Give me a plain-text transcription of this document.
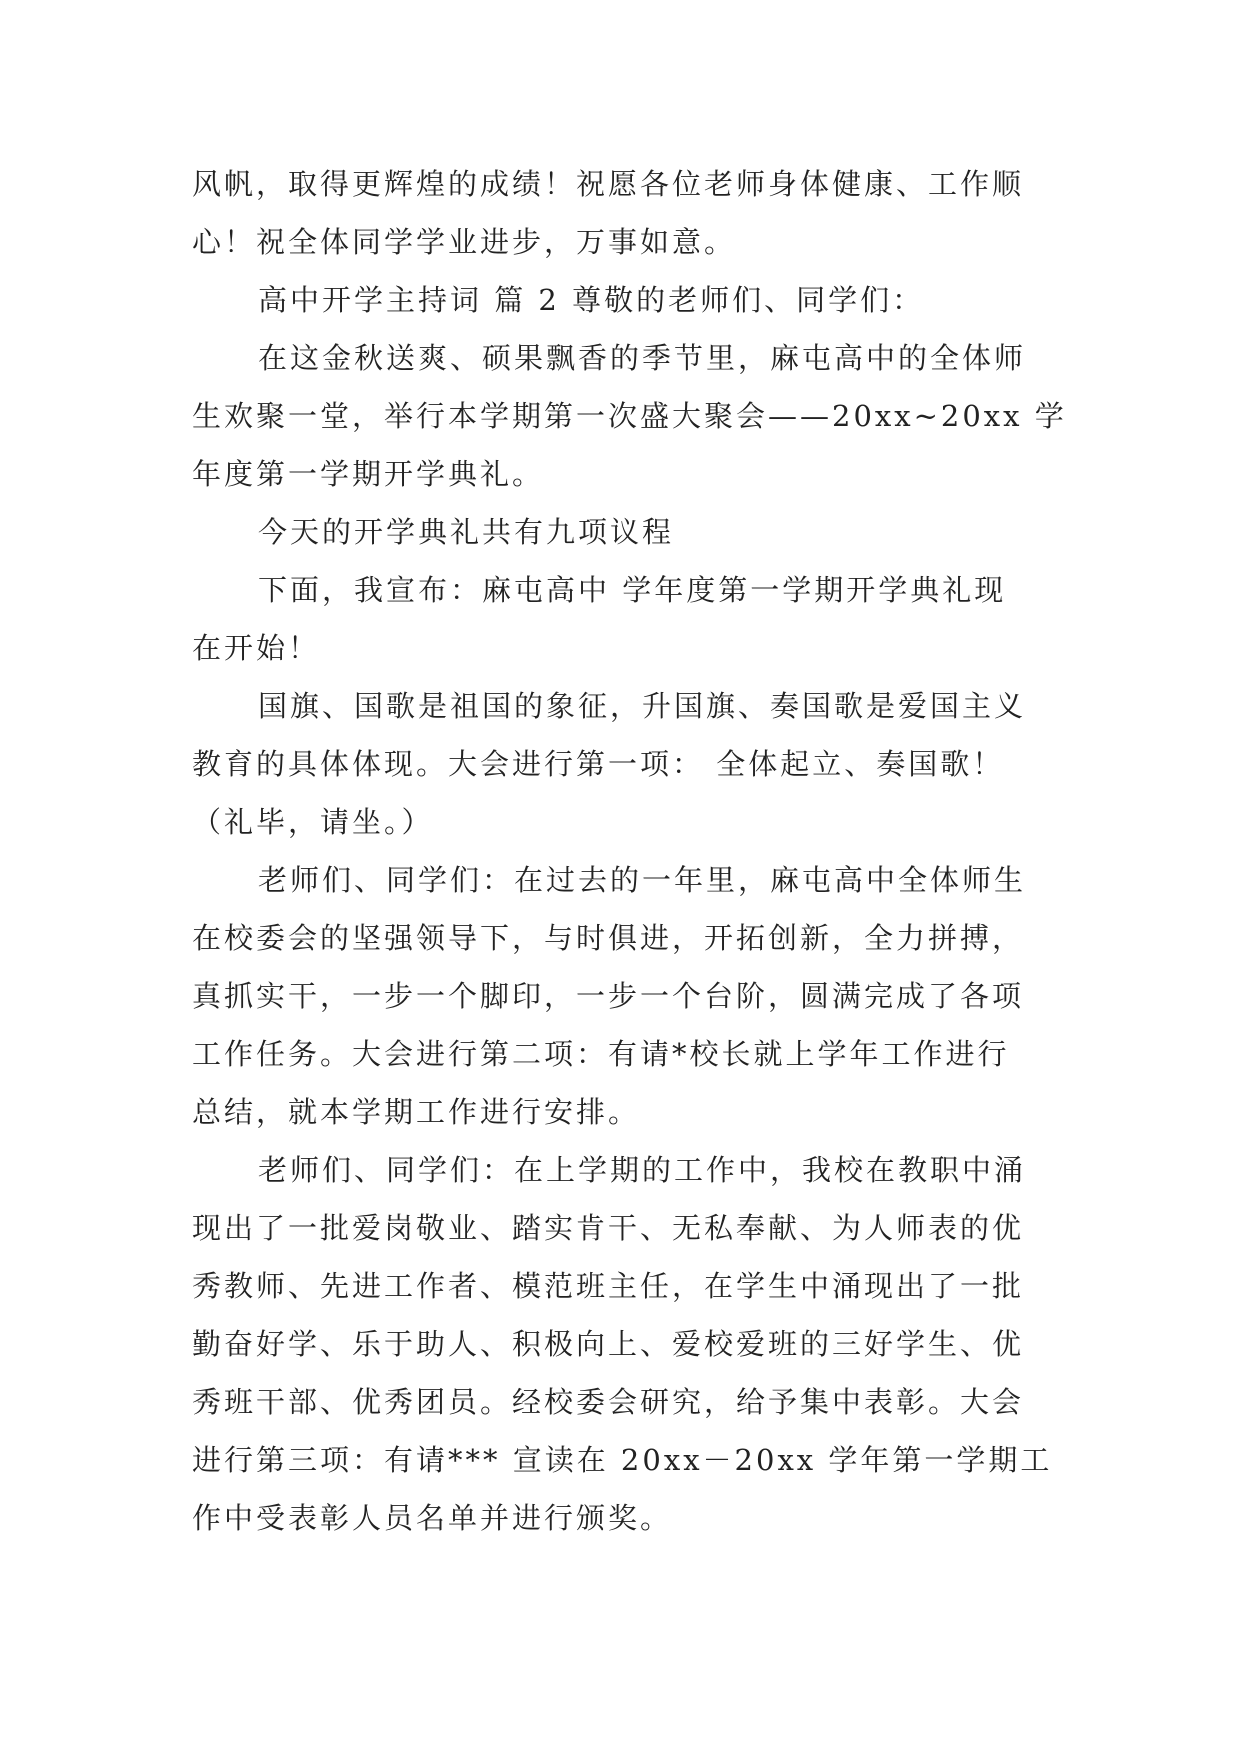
风帆，取得更辉煌的成绩！祝愿各位老师身体健康、工作顺
心！祝全体同学学业进步，万事如意。

高中开学主持词 篇 2 尊敬的老师们、同学们：

在这金秋送爽、硕果飘香的季节里，麻屯高中的全体师
生欢聚一堂，举行本学期第一次盛大聚会——20xx~20xx 学
年度第一学期开学典礼。

今天的开学典礼共有九项议程

下面，我宣布：麻屯高中 学年度第一学期开学典礼现
在开始！

国旗、国歌是祖国的象征，升国旗、奏国歌是爱国主义
教育的具体体现。大会进行第一项： 全体起立、奏国歌！
（礼毕，请坐。）

老师们、同学们：在过去的一年里，麻屯高中全体师生
在校委会的坚强领导下，与时俱进，开拓创新，全力拼搏，
真抓实干，一步一个脚印，一步一个台阶，圆满完成了各项
工作任务。大会进行第二项：有请*校长就上学年工作进行
总结，就本学期工作进行安排。

老师们、同学们：在上学期的工作中，我校在教职中涌
现出了一批爱岗敬业、踏实肯干、无私奉献、为人师表的优
秀教师、先进工作者、模范班主任，在学生中涌现出了一批
勤奋好学、乐于助人、积极向上、爱校爱班的三好学生、优
秀班干部、优秀团员。经校委会研究，给予集中表彰。大会
进行第三项：有请*** 宣读在 20xx－20xx 学年第一学期工
作中受表彰人员名单并进行颁奖。
